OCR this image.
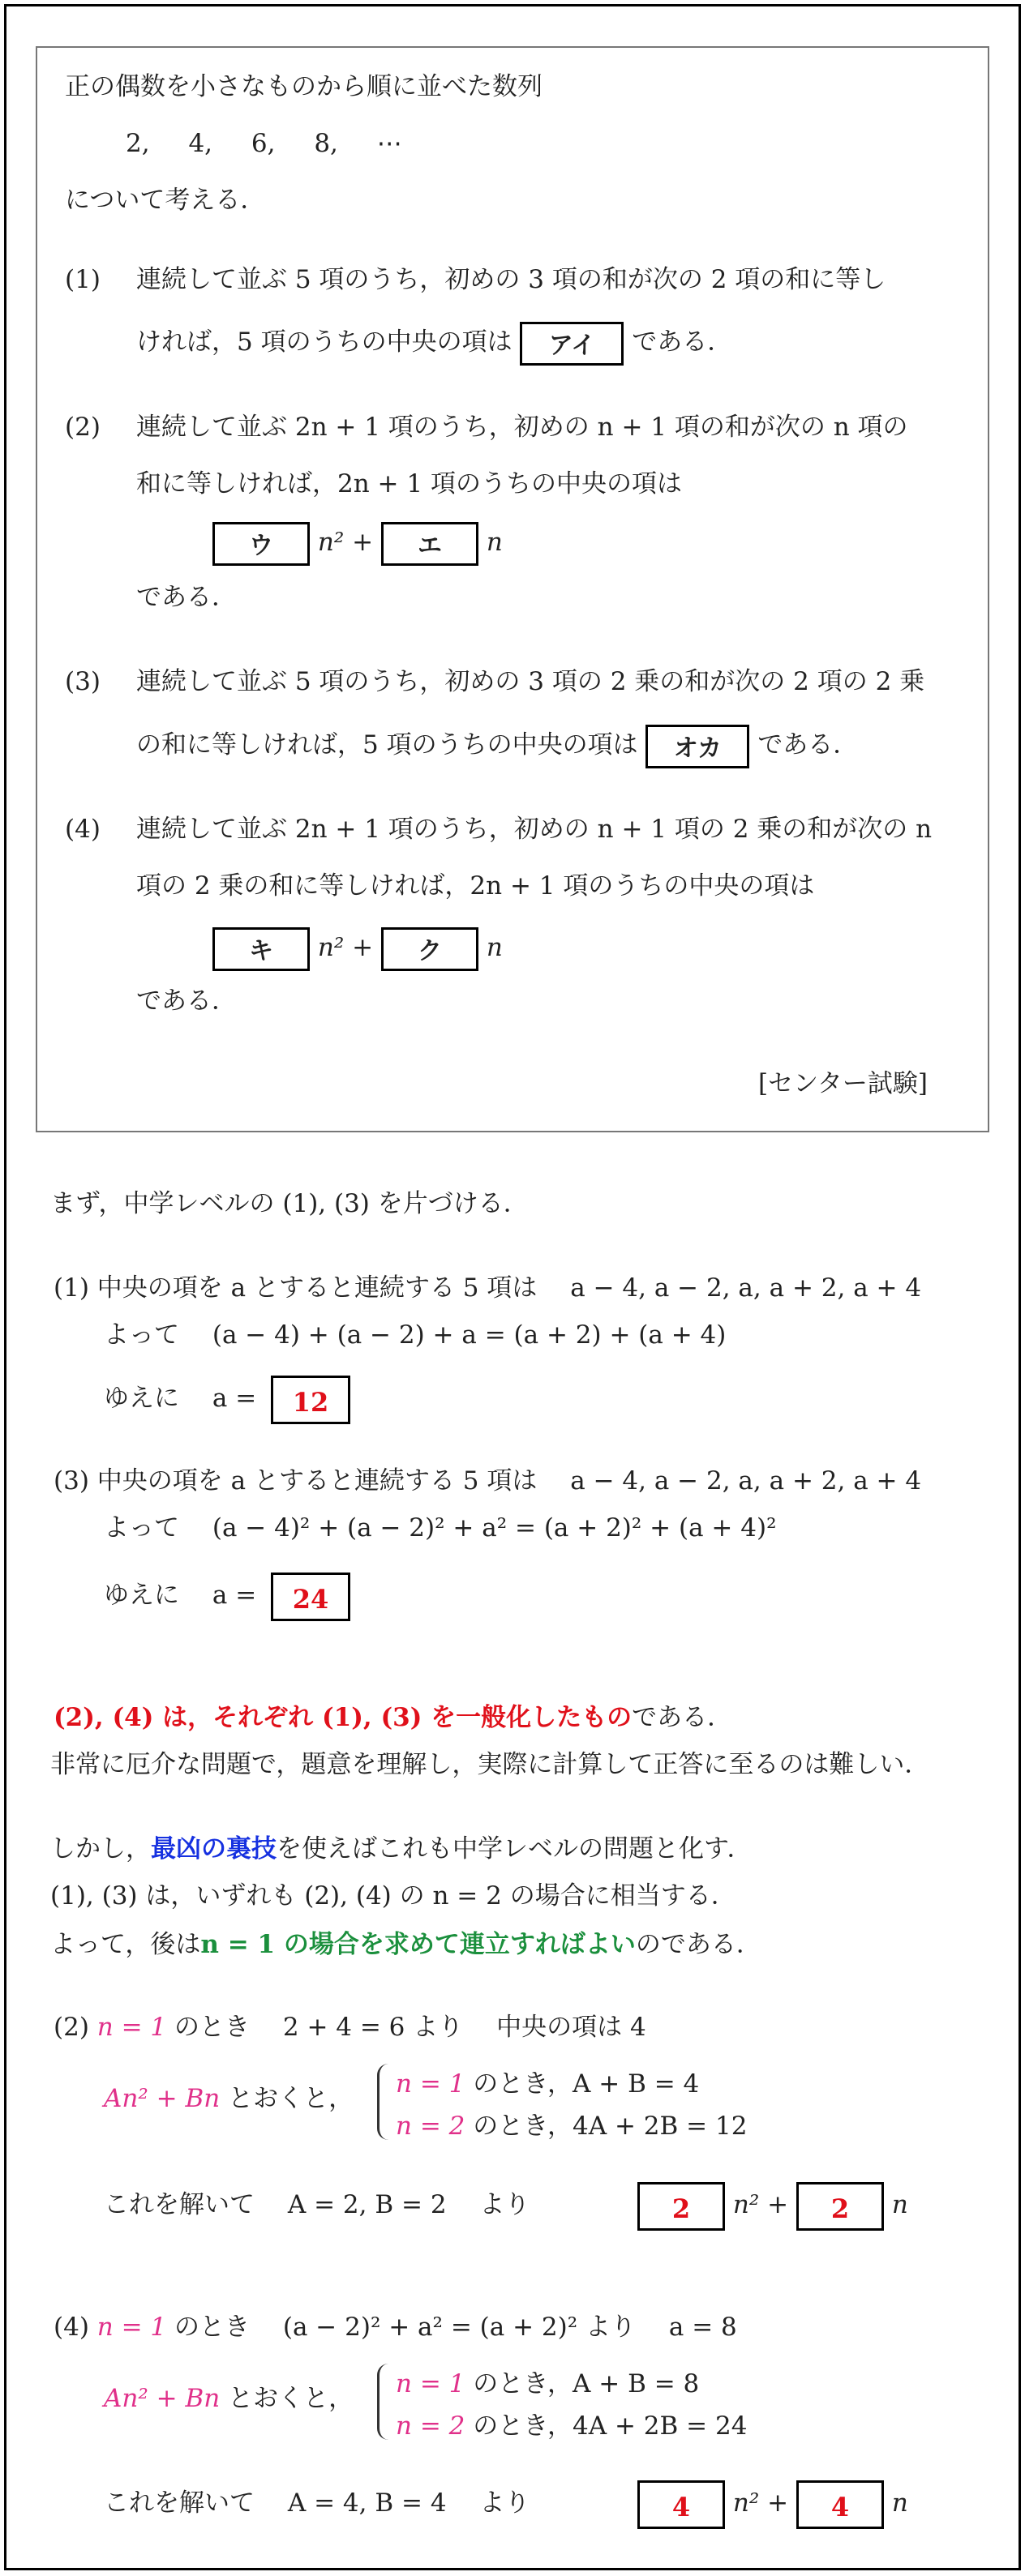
正の偶数を小さなものから順に並べた数列
2, 4, 6, 8, ⋯
について考える．
(1) 連続して並ぶ 5 項のうち，初めの 3 項の和が次の 2 項の和に等し
ければ，5 項のうちの中央の項は アイ である．
(2) 連続して並ぶ 2n + 1 項のうち，初めの n + 1 項の和が次の n 項の
和に等しければ，2n + 1 項のうちの中央の項は
ウ n² + エ n
である．
(3) 連続して並ぶ 5 項のうち，初めの 3 項の 2 乗の和が次の 2 項の 2 乗
の和に等しければ，5 項のうちの中央の項は オカ である．
(4) 連続して並ぶ 2n + 1 項のうち，初めの n + 1 項の 2 乗の和が次の n
項の 2 乗の和に等しければ，2n + 1 項のうちの中央の項は
キ n² + ク n
である．
[センター試験]
まず，中学レベルの (1), (3) を片づける．
(1) 中央の項を a とすると連続する 5 項は　 a − 4, a − 2, a, a + 2, a + 4
よって　 (a − 4) + (a − 2) + a = (a + 2) + (a + 4)
ゆえに　 a = 12
(3) 中央の項を a とすると連続する 5 項は　 a − 4, a − 2, a, a + 2, a + 4
よって　 (a − 4)² + (a − 2)² + a² = (a + 2)² + (a + 4)²
ゆえに　 a = 24
(2), (4) は，それぞれ (1), (3) を一般化したものである．
非常に厄介な問題で，題意を理解し，実際に計算して正答に至るのは難しい．
しかし，最凶の裏技を使えばこれも中学レベルの問題と化す．
(1), (3) は，いずれも (2), (4) の n = 2 の場合に相当する．
よって，後はn = 1 の場合を求めて連立すればよいのである．
(2) n = 1 のとき　 2 + 4 = 6 より　 中央の項は 4
An² + Bn とおくと， n = 1 のとき，A + B = 4
n = 2 のとき，4A + 2B = 12
これを解いて　 A = 2, B = 2　 より	2 n² + 2 n
(4) n = 1 のとき　 (a − 2)² + a² = (a + 2)² より　 a = 8
An² + Bn とおくと， n = 1 のとき，A + B = 8
n = 2 のとき，4A + 2B = 24
これを解いて　 A = 4, B = 4　 より	4 n² + 4 n
